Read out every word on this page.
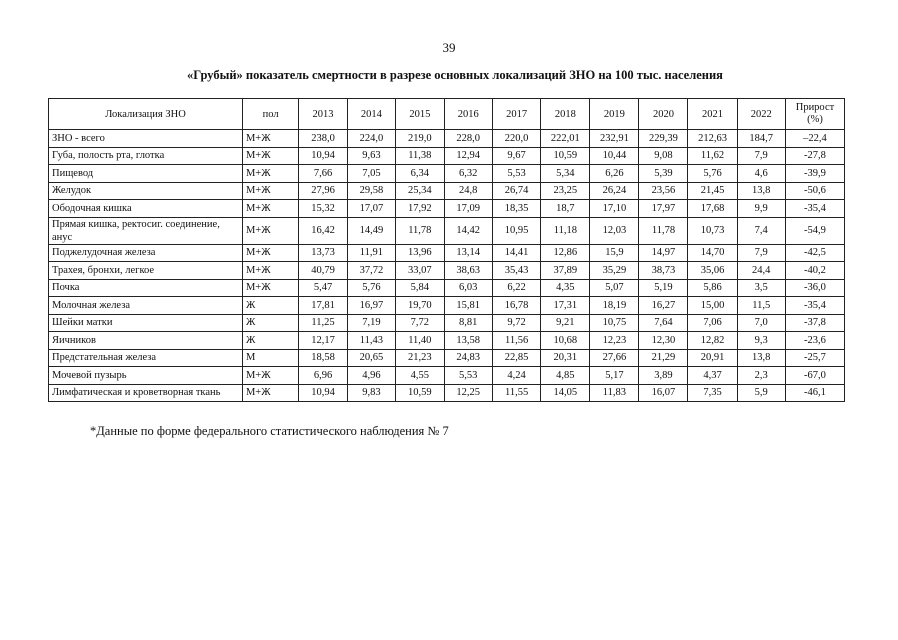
39
«Грубый» показатель смертности в разрезе основных локализаций ЗНО на 100 тыс. населения
Локализация ЗНО	пол	2013	2014	2015	2016	2017	2018	2019	2020	2021	2022	Прирост (%)
ЗНО - всего	М+Ж	238,0	224,0	219,0	228,0	220,0	222,01	232,91	229,39	212,63	184,7	–22,4
Губа, полость рта, глотка	М+Ж	10,94	9,63	11,38	12,94	9,67	10,59	10,44	9,08	11,62	7,9	-27,8
Пищевод	М+Ж	7,66	7,05	6,34	6,32	5,53	5,34	6,26	5,39	5,76	4,6	-39,9
Желудок	М+Ж	27,96	29,58	25,34	24,8	26,74	23,25	26,24	23,56	21,45	13,8	-50,6
Ободочная кишка	М+Ж	15,32	17,07	17,92	17,09	18,35	18,7	17,10	17,97	17,68	9,9	-35,4
Прямая кишка, ректосиг. соединение, анус	М+Ж	16,42	14,49	11,78	14,42	10,95	11,18	12,03	11,78	10,73	7,4	-54,9
Поджелудочная железа	М+Ж	13,73	11,91	13,96	13,14	14,41	12,86	15,9	14,97	14,70	7,9	-42,5
Трахея, бронхи, легкое	М+Ж	40,79	37,72	33,07	38,63	35,43	37,89	35,29	38,73	35,06	24,4	-40,2
Почка	М+Ж	5,47	5,76	5,84	6,03	6,22	4,35	5,07	5,19	5,86	3,5	-36,0
Молочная железа	Ж	17,81	16,97	19,70	15,81	16,78	17,31	18,19	16,27	15,00	11,5	-35,4
Шейки матки	Ж	11,25	7,19	7,72	8,81	9,72	9,21	10,75	7,64	7,06	7,0	-37,8
Яичников	Ж	12,17	11,43	11,40	13,58	11,56	10,68	12,23	12,30	12,82	9,3	-23,6
Предстательная железа	М	18,58	20,65	21,23	24,83	22,85	20,31	27,66	21,29	20,91	13,8	-25,7
Мочевой пузырь	М+Ж	6,96	4,96	4,55	5,53	4,24	4,85	5,17	3,89	4,37	2,3	-67,0
Лимфатическая и кроветворная ткань	М+Ж	10,94	9,83	10,59	12,25	11,55	14,05	11,83	16,07	7,35	5,9	-46,1
*Данные по форме федерального статистического наблюдения № 7
